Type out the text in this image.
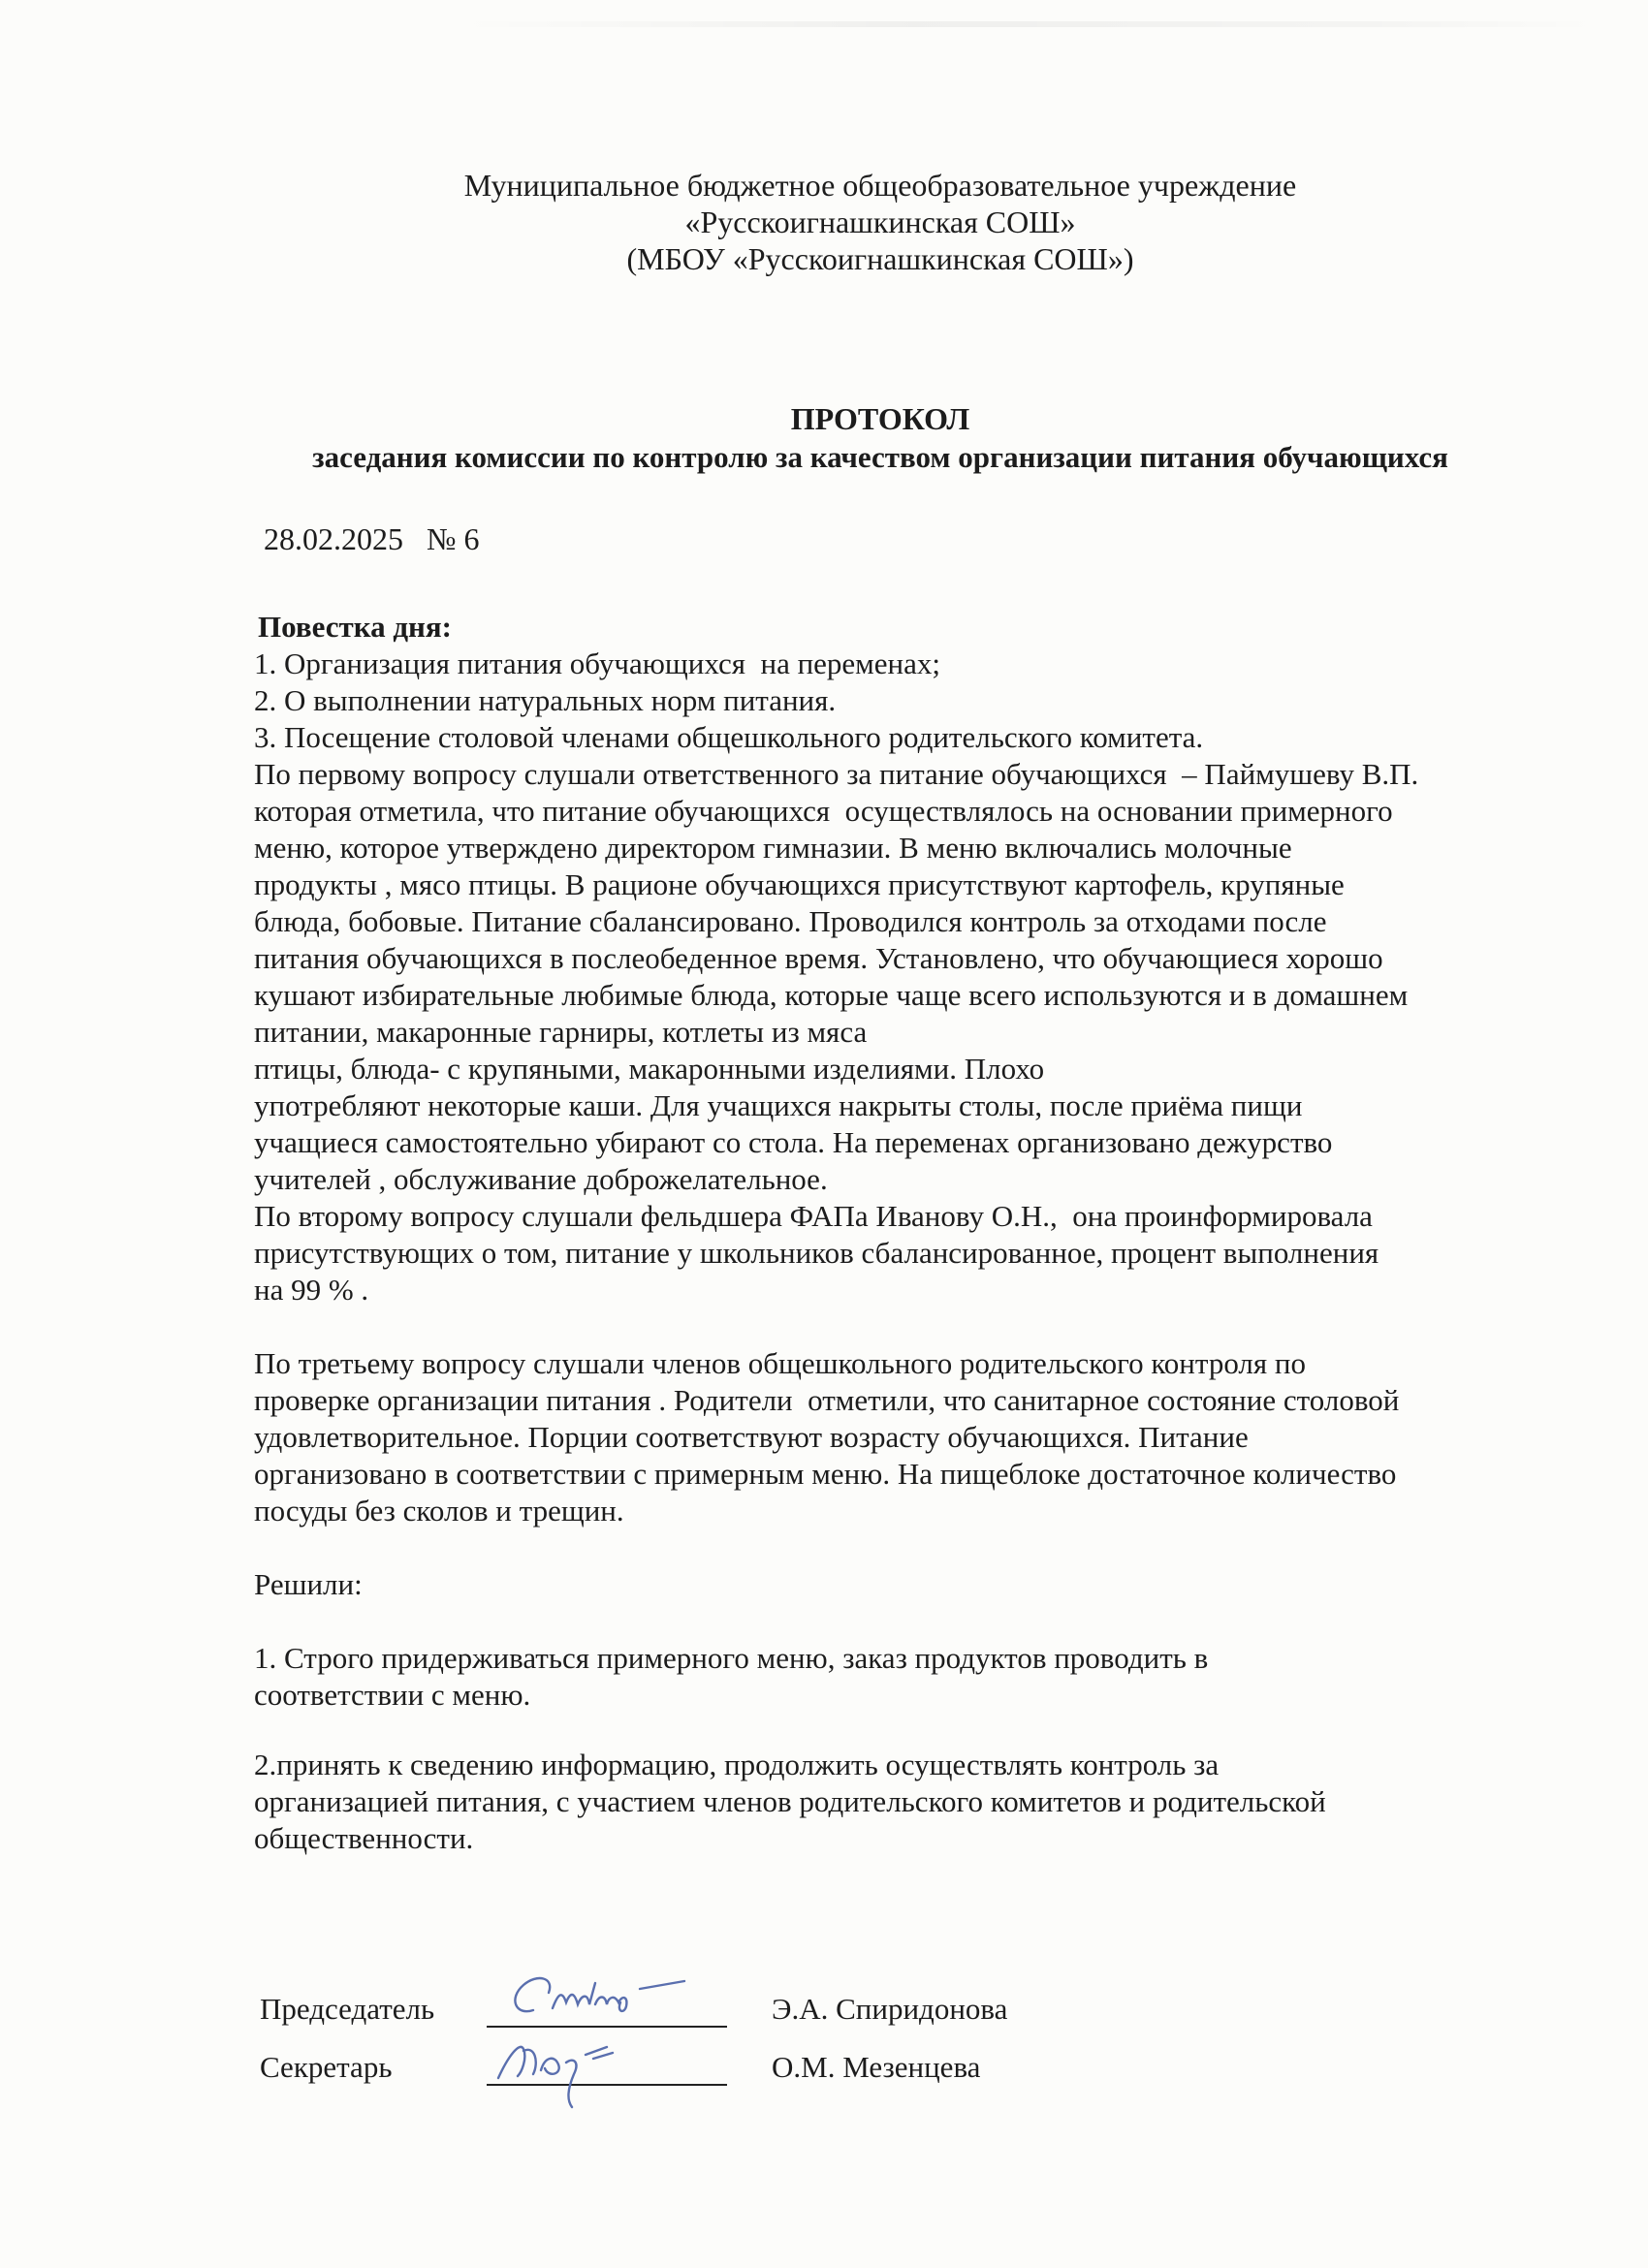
Муниципальное бюджетное общеобразовательное учреждение
«Русскоигнашкинская СОШ»
(МБОУ «Русскоигнашкинская СОШ»)
ПРОТОКОЛ
заседания комиссии по контролю за качеством организации питания обучающихся
28.02.2025 № 6
Повестка дня:
1. Организация питания обучающихся  на переменах;
2. О выполнении натуральных норм питания.
3. Посещение столовой членами общешкольного родительского комитета.
По первому вопросу слушали ответственного за питание обучающихся  – Паймушеву В.П.
которая отметила, что питание обучающихся  осуществлялось на основании примерного
меню, которое утверждено директором гимназии. В меню включались молочные
продукты , мясо птицы. В рационе обучающихся присутствуют картофель, крупяные
блюда, бобовые. Питание сбалансировано. Проводился контроль за отходами после
питания обучающихся в послеобеденное время. Установлено, что обучающиеся хорошо
кушают избирательные любимые блюда, которые чаще всего используются и в домашнем
питании, макаронные гарниры, котлеты из мяса
птицы, блюда- с крупяными, макаронными изделиями. Плохо
употребляют некоторые каши. Для учащихся накрыты столы, после приёма пищи
учащиеся самостоятельно убирают со стола. На переменах организовано дежурство
учителей , обслуживание доброжелательное.
По второму вопросу слушали фельдшера ФАПа Иванову О.Н.,  она проинформировала
присутствующих о том, питание у школьников сбалансированное, процент выполнения
на 99 % .
По третьему вопросу слушали членов общешкольного родительского контроля по
проверке организации питания . Родители  отметили, что санитарное состояние столовой
удовлетворительное. Порции соответствуют возрасту обучающихся. Питание
организовано в соответствии с примерным меню. На пищеблоке достаточное количество
посуды без сколов и трещин.
Решили:
1. Строго придерживаться примерного меню, заказ продуктов проводить в
соответствии с меню.
2.принять к сведению информацию, продолжить осуществлять контроль за
организацией питания, с участием членов родительского комитетов и родительской
общественности.
Председатель	Э.А. Спиридонова
Секретарь	О.М. Мезенцева
